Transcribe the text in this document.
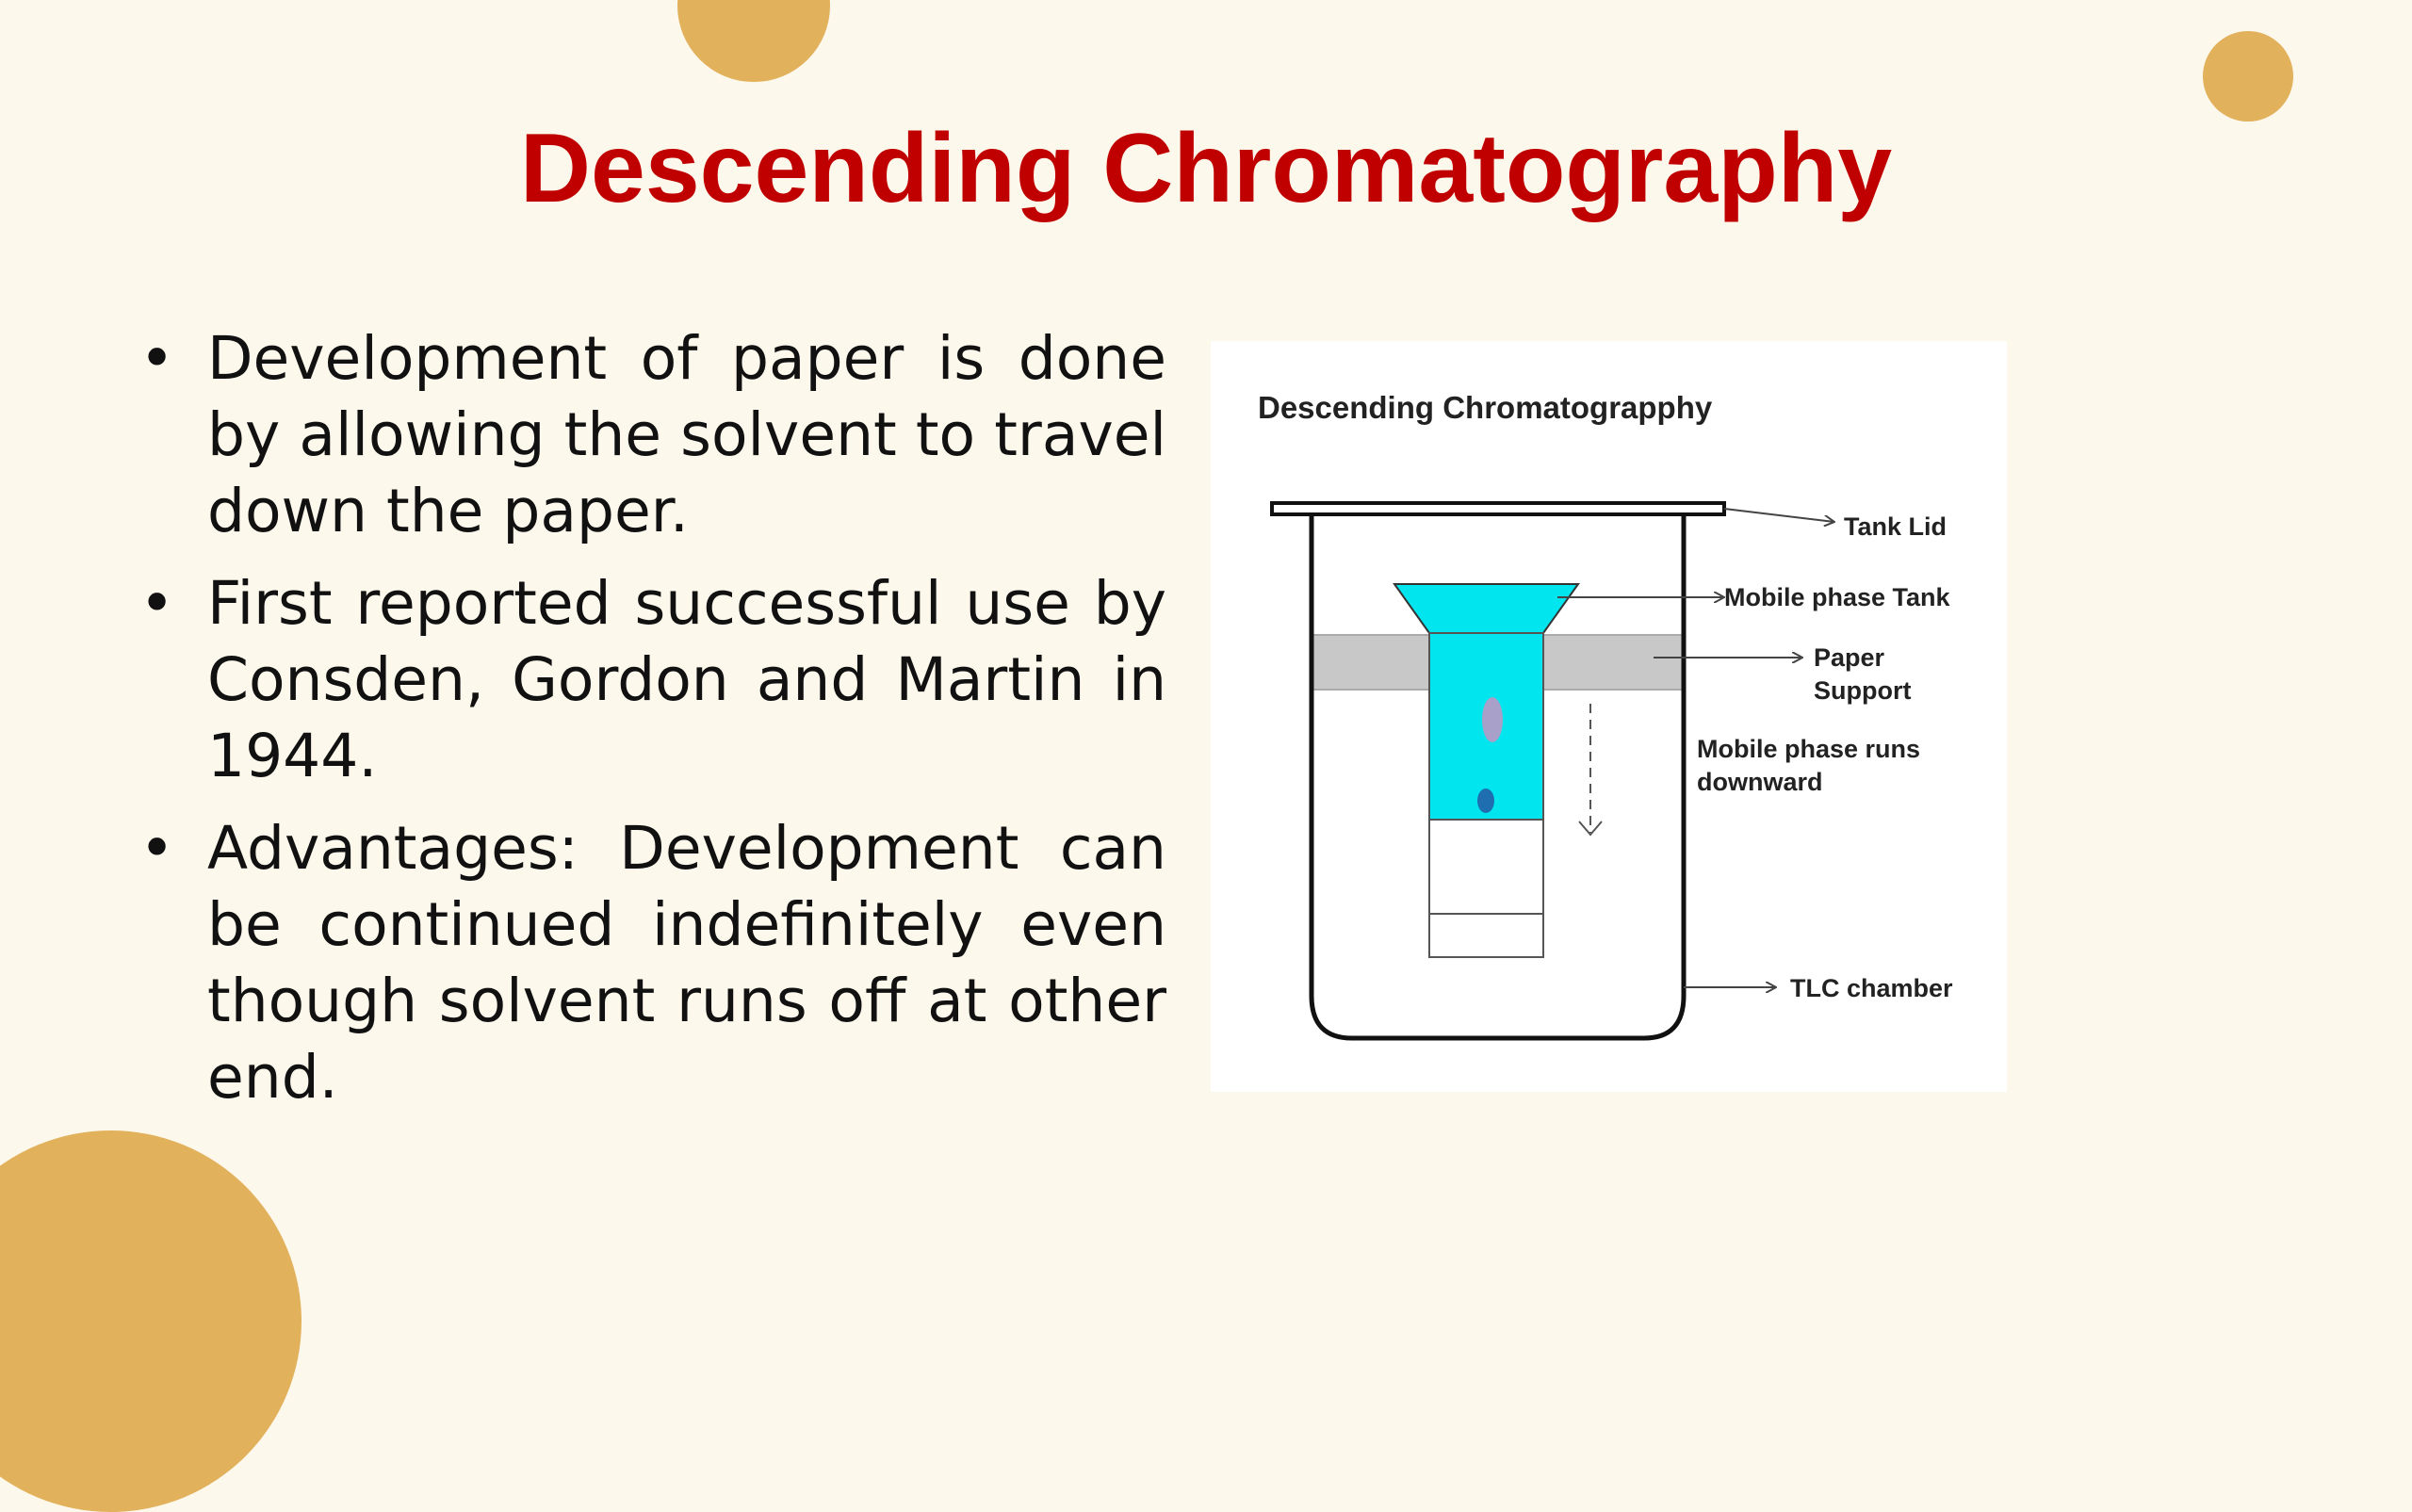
Descending Chromatography
• Development of paper is done by allowing the solvent to travel down the paper.
• First reported successful use by Consden, Gordon and Martin in 1944.
• Advantages: Development can be continued indefinitely even though solvent runs off at other end.
Descending Chromatograpphy
Tank Lid
Mobile phase Tank
Paper
Support
Mobile phase runs
downward
TLC chamber
